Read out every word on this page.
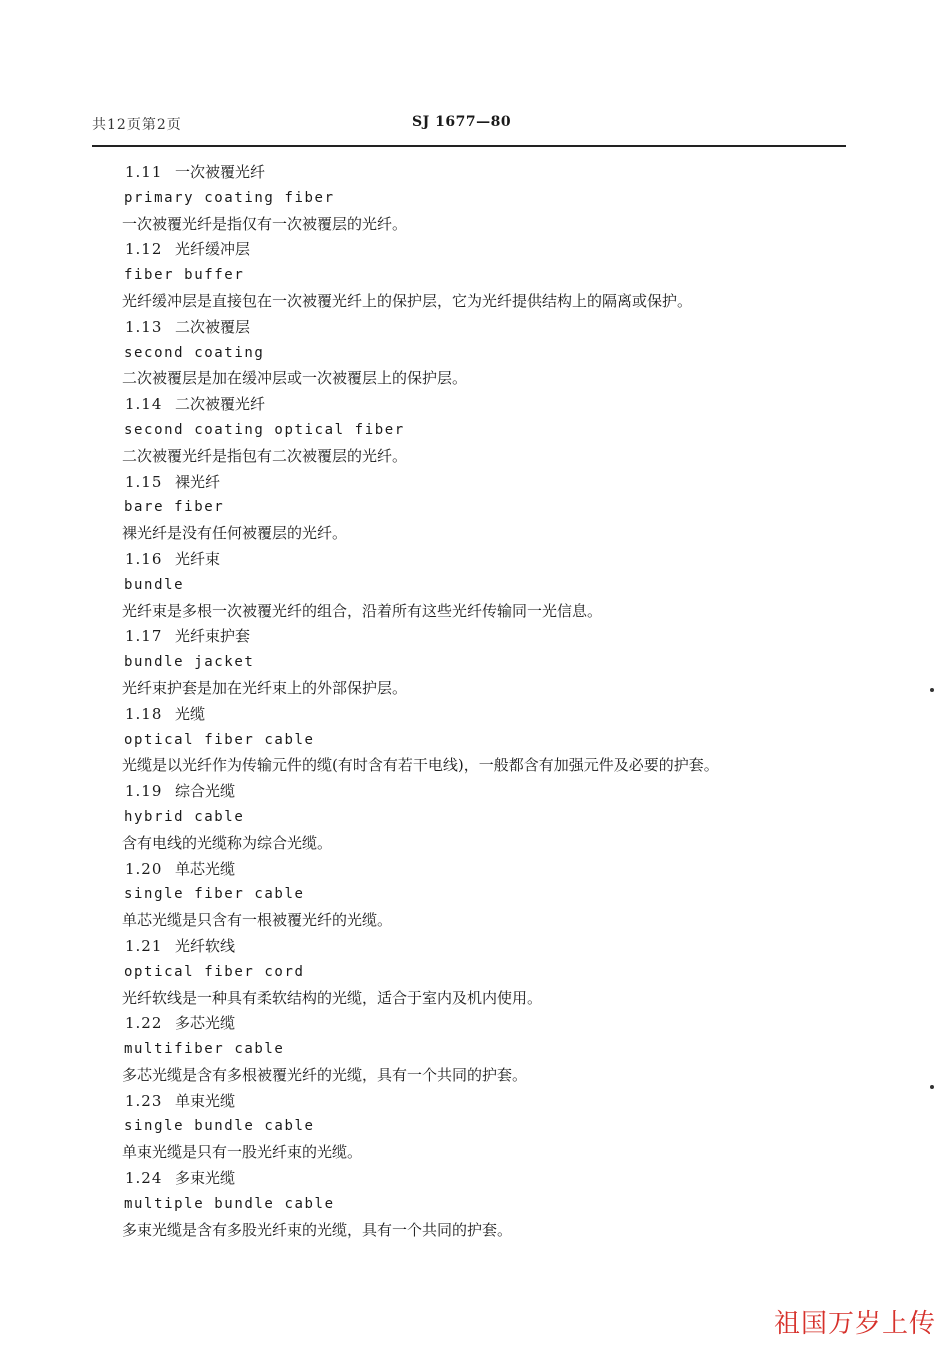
共12页第2页	SJ 1677—80
1.11 一次被覆光纤
primary coating fiber
一次被覆光纤是指仅有一次被覆层的光纤。
1.12 光纤缓冲层
fiber buffer
光纤缓冲层是直接包在一次被覆光纤上的保护层，它为光纤提供结构上的隔离或保护。
1.13 二次被覆层
second coating
二次被覆层是加在缓冲层或一次被覆层上的保护层。
1.14 二次被覆光纤
second coating optical fiber
二次被覆光纤是指包有二次被覆层的光纤。
1.15 裸光纤
bare fiber
裸光纤是没有任何被覆层的光纤。
1.16 光纤束
bundle
光纤束是多根一次被覆光纤的组合，沿着所有这些光纤传输同一光信息。
1.17 光纤束护套
bundle jacket
光纤束护套是加在光纤束上的外部保护层。
1.18 光缆
optical fiber cable
光缆是以光纤作为传输元件的缆(有时含有若干电线)，一般都含有加强元件及必要的护套。
1.19 综合光缆
hybrid cable
含有电线的光缆称为综合光缆。
1.20 单芯光缆
single fiber cable
单芯光缆是只含有一根被覆光纤的光缆。
1.21 光纤软线
optical fiber cord
光纤软线是一种具有柔软结构的光缆，适合于室内及机内使用。
1.22 多芯光缆
multifiber cable
多芯光缆是含有多根被覆光纤的光缆，具有一个共同的护套。
1.23 单束光缆
single bundle cable
单束光缆是只有一股光纤束的光缆。
1.24 多束光缆
multiple bundle cable
多束光缆是含有多股光纤束的光缆，具有一个共同的护套。
祖国万岁上传
